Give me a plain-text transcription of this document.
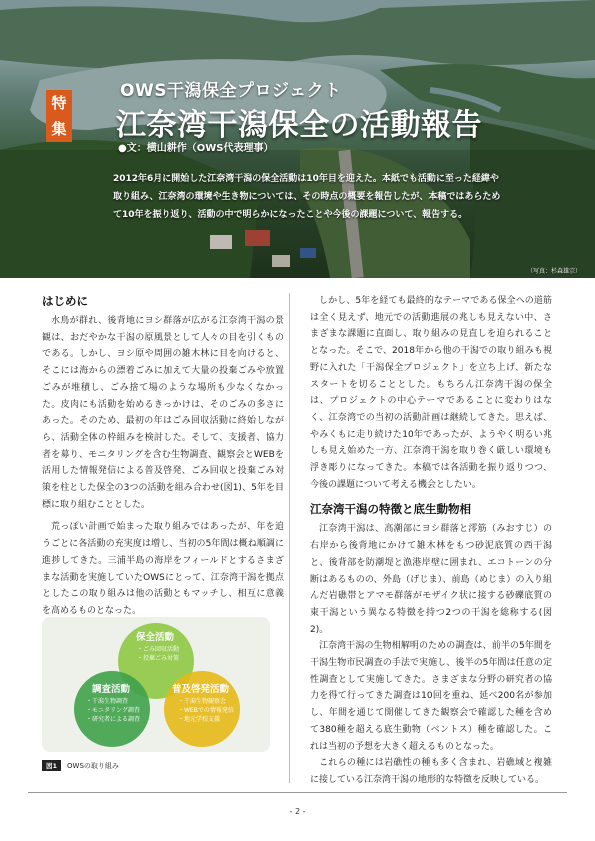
特
集
OWS干潟保全プロジェクト
江奈湾干潟保全の活動報告
●文：横山耕作（OWS代表理事）

2012年6月に開始した江奈湾干潟の保全活動は10年目を迎えた。本紙でも活動に至った経緯や

取り組み、江奈湾の環境や生き物については、その時点の概要を報告したが、本稿ではあらため

て10年を振り返り、活動の中で明らかになったことや今後の課題について、報告する。

（写真：杉森雄宗）
はじめに

水鳥が群れ、後背地にヨシ群落が広がる江奈湾干潟の景観は、おだやかな干潟の原風景として人々の目を引くものである。しかし、ヨシ原や周囲の雑木林に目を向けると、そこには海からの漂着ごみに加えて大量の投棄ごみや放置ごみが堆積し、ごみ捨て場のような場所も少なくなかった。皮肉にも活動を始めるきっかけは、そのごみの多さにあった。そのため、最初の年はごみ回収活動に終始しながら、活動全体の枠組みを検討した。そして、支援者、協力者を募り、モニタリングを含む生物調査、観察会とWEBを活用した情報発信による普及啓発、ごみ回収と投棄ごみ対策を柱とした保全の3つの活動を組み合わせ(図1)、5年を目標に取り組むこととした。

荒っぽい計画で始まった取り組みではあったが、年を追うごとに各活動の充実度は増し、当初の5年間は概ね順調に進捗してきた。三浦半島の海岸をフィールドとするさまざまな活動を実施していたOWSにとって、江奈湾干潟を拠点としたこの取り組みは他の活動ともマッチし、相互に意義を高めるものとなった。

保全活動
・ごみ回収活動
・投棄ごみ対策
調査活動
・干潟生物調査
・モニタリング調査
・研究者による調査
普及啓発活動
・干潟生物観察会
・WEBでの情報発信
・地元学校支援
図1	OWSの取り組み

しかし、5年を経ても最終的なテーマである保全への道筋は全く見えず、地元での活動進展の兆しも見えない中、さまざまな課題に直面し、取り組みの見直しを迫られることとなった。そこで、2018年から他の干潟での取り組みも視野に入れた「干潟保全プロジェクト」を立ち上げ、新たなスタートを切ることとした。もちろん江奈湾干潟の保全は、プロジェクトの中心テーマであることに変わりはなく、江奈湾での当初の活動計画は継続してきた。思えば、やみくもに走り続けた10年であったが、ようやく明るい兆しも見え始めた一方、江奈湾干潟を取り巻く厳しい環境も浮き彫りになってきた。本稿では各活動を振り返りつつ、今後の課題について考える機会としたい。

江奈湾干潟の特徴と底生動物相

江奈湾干潟は、高潮部にヨシ群落と澪筋（みおすじ）の右岸から後背地にかけて雑木林をもつ砂泥底質の西干潟と、後背部を防潮堤と漁港岸壁に囲まれ、エコトーンの分断はあるものの、外島（げじま）、前島（めじま）の入り組んだ岩礁帯とアマモ群落がモザイク状に接する砂礫底質の東干潟という異なる特徴を持つ2つの干潟を総称する(図2)。

江奈湾干潟の生物相解明のための調査は、前半の5年間を干潟生物市民調査の手法で実施し、後半の5年間は任意の定性調査として実施してきた。さまざまな分野の研究者の協力を得て行ってきた調査は10回を重ね、延べ200名が参加し、年間を通じて開催してきた観察会で確認した種を含めて380種を超える底生動物（ベントス）種を確認した。これは当初の予想を大きく超えるものとなった。

これらの種には岩礁性の種も多く含まれ、岩礁域と複雑に接している江奈湾干潟の地形的な特徴を反映している。

- 2 -
